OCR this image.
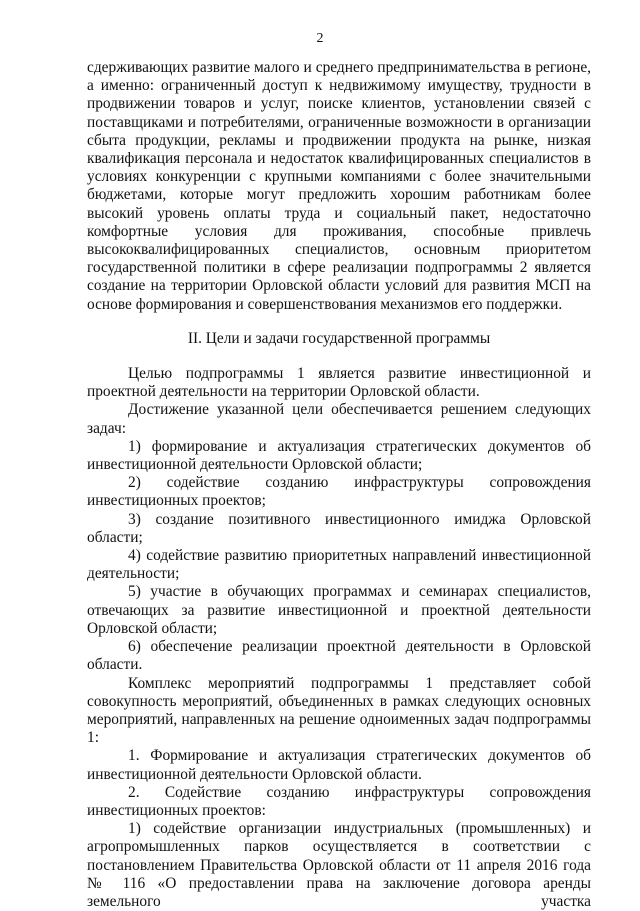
2

сдерживающих развитие малого и среднего предпринимательства в регионе, а именно: ограниченный доступ к недвижимому имуществу, трудности в продвижении товаров и услуг, поиске клиентов, установлении связей с поставщиками и потребителями, ограниченные возможности в организации сбыта продукции, рекламы и продвижении продукта на рынке, низкая квалификация персонала и недостаток квалифицированных специалистов в условиях конкуренции с крупными компаниями с более значительными бюджетами, которые могут предложить хорошим работникам более высокий уровень оплаты труда и социальный пакет, недостаточно комфортные условия для проживания, способные привлечь высококвалифицированных специалистов, основным приоритетом государственной политики в сфере реализации подпрограммы 2 является создание на территории Орловской области условий для развития МСП на основе формирования и совершенствования механизмов его поддержки.

II. Цели и задачи государственной программы

Целью подпрограммы 1 является развитие инвестиционной и проектной деятельности на территории Орловской области.

Достижение указанной цели обеспечивается решением следующих задач:

1) формирование и актуализация стратегических документов об инвестиционной деятельности Орловской области;

2) содействие созданию инфраструктуры сопровождения инвестиционных проектов;

3) создание позитивного инвестиционного имиджа Орловской области;

4) содействие развитию приоритетных направлений инвестиционной деятельности;

5) участие в обучающих программах и семинарах специалистов, отвечающих за развитие инвестиционной и проектной деятельности Орловской области;

6) обеспечение реализации проектной деятельности в Орловской области.

Комплекс мероприятий подпрограммы 1 представляет собой совокупность мероприятий, объединенных в рамках следующих основных мероприятий, направленных на решение одноименных задач подпрограммы 1:

1. Формирование и актуализация стратегических документов об инвестиционной деятельности Орловской области.

2. Содействие созданию инфраструктуры сопровождения инвестиционных проектов:

1) содействие организации индустриальных (промышленных) и агропромышленных парков осуществляется в соответствии с постановлением Правительства Орловской области от 11 апреля 2016 года № 116 «О предоставлении права на заключение договора аренды земельного участка
